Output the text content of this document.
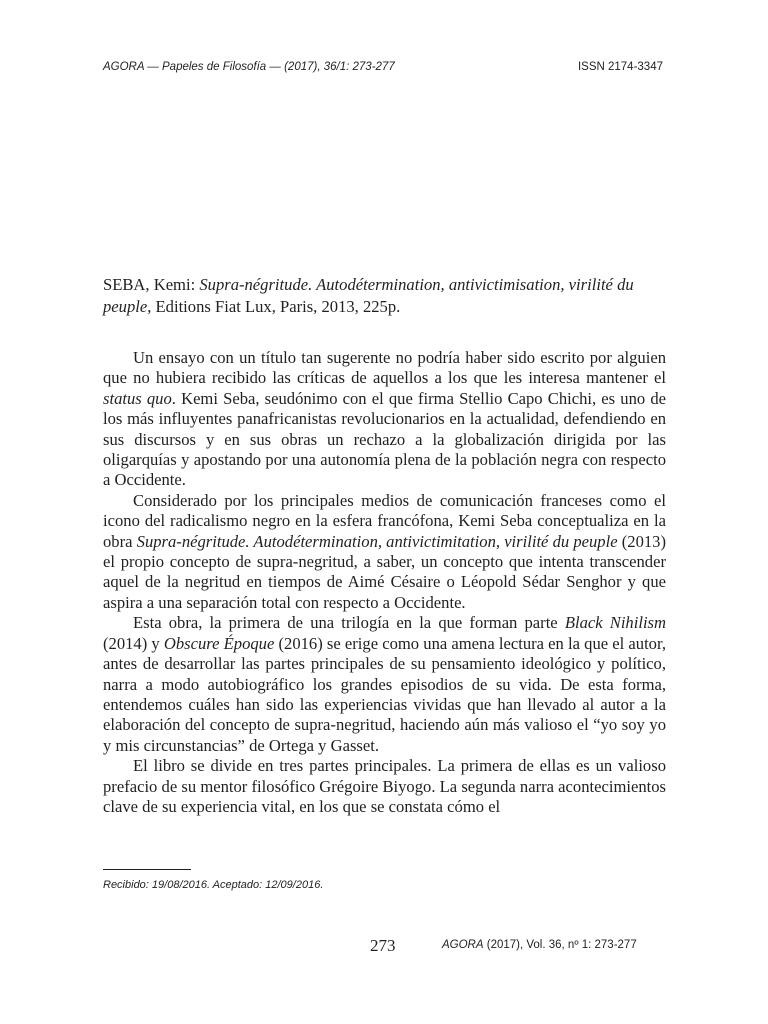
AGORA — Papeles de Filosofía — (2017), 36/1: 273-277	ISSN 2174-3347
SEBA, Kemi: Supra-négritude. Autodétermination, antivictimisation, virilité du peuple, Editions Fiat Lux, Paris, 2013, 225p.

Un ensayo con un título tan sugerente no podría haber sido escrito por alguien que no hubiera recibido las críticas de aquellos a los que les interesa mantener el status quo. Kemi Seba, seudónimo con el que firma Stellio Capo Chichi, es uno de los más influyentes panafricanistas revolucionarios en la actualidad, defendiendo en sus discursos y en sus obras un rechazo a la globalización dirigida por las oligarquías y apostando por una autonomía plena de la población negra con respecto a Occidente.

Considerado por los principales medios de comunicación franceses como el icono del radicalismo negro en la esfera francófona, Kemi Seba conceptualiza en la obra Supra-négritude. Autodétermination, antivictimitation, virilité du peuple (2013) el propio concepto de supra-negritud, a saber, un concepto que intenta transcender aquel de la negritud en tiempos de Aimé Césaire o Léopold Sédar Senghor y que aspira a una separación total con respecto a Occidente.

Esta obra, la primera de una trilogía en la que forman parte Black Nihilism (2014) y Obscure Époque (2016) se erige como una amena lectura en la que el autor, antes de desarrollar las partes principales de su pensamiento ideológico y político, narra a modo autobiográfico los grandes episodios de su vida. De esta forma, entendemos cuáles han sido las experiencias vividas que han llevado al autor a la elaboración del concepto de supra-negritud, haciendo aún más valioso el “yo soy yo y mis circunstancias” de Ortega y Gasset.

El libro se divide en tres partes principales. La primera de ellas es un valioso prefacio de su mentor filosófico Grégoire Biyogo. La segunda narra acontecimientos clave de su experiencia vital, en los que se constata cómo el

Recibido: 19/08/2016. Aceptado: 12/09/2016.
273	AGORA (2017), Vol. 36, nº 1: 273-277
